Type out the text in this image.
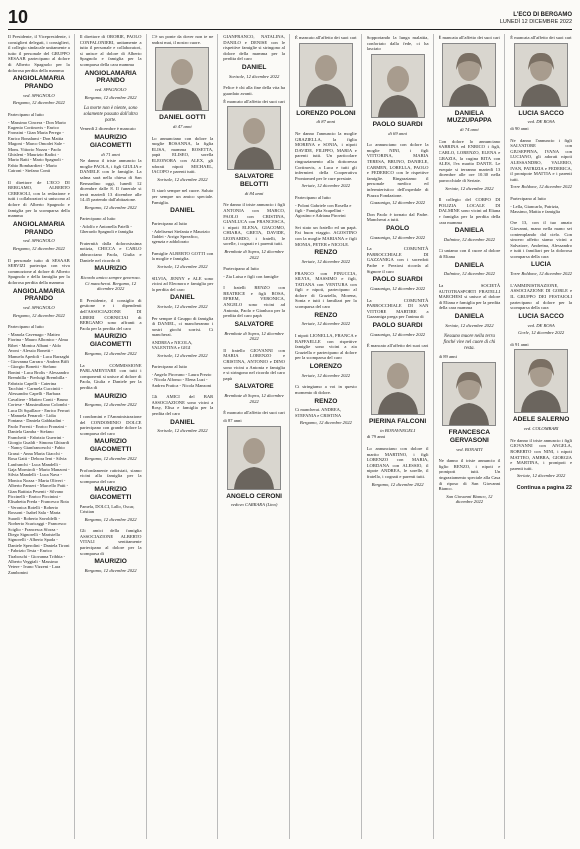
10	L'ECO DI BERGAMO
LUNEDÌ 12 DICEMBRE 2022
Il Presidente, il Vicepresidente, i consiglieri delegati, i consiglieri, il collegio sindacale unitamente a tutto il personale del GRUPPO SESAAB partecipano al dolore di Alberto Spagnolo per la dolorosa perdita della mamma
ANGIOLAMARIA PRANDO
ved. SPAGNOLO
Bergamo, 12 dicembre 2022
Partecipano al lutto
- Massimo Cincera - Don Mario Eugenio Cortinovis - Enrico Fronzini - Gian Maria Perego - Enrico Bonalumi - Don Mattia Magoni - Marco Omodei Sale - Mons. Vittorio Nozza - Paolo Ghisleni - Maurizio Radici - Mario Ratti - Mario Spagnoli - Fabio Bombardieri - Mario Caironi - Stefano Conti
Il direttore de L'ECO DI BERGAMO, ALBERTO CERESOLI, con la redazione e tutti i collaboratori si uniscono al dolore di Alberto Spagnolo e famiglia per la scomparsa della mamma
ANGIOLAMARIA PRANDO
ved. SPAGNOLO
Bergamo, 12 dicembre 2022
Il personale tutto di SESAAB SERVIZI partecipa con viva commozione al dolore di Alberto Spagnolo e della famiglia per la dolorosa perdita della mamma
ANGIOLAMARIA PRANDO
ved. SPAGNOLO
Bergamo, 12 dicembre 2022
Partecipano al lutto
- Manola Cavenago - Matteo Fiorina - Mauro Albonico - Alma Ribet - Monica Albani - Aldo Avoni - Alessio Bonetti - Manuela Apedoli - Luca Barzaghi - Giovanna Carrara - Andrea Biffi - Giorgio Bonetti - Stefano Bonini - Luca Brolis - Alessandro Brembilla - Pierluigi Brembilla - Fabrizio Capelli - Caterina Tacchini - Carmela Cucciniti - Alessandro Capelli - Barbara Cavaliere - Matteo Conti - Bruno Cortese - Massimiliano Colombi - Luca Di Squillace - Enrico Ferrari - Manuela Fenaroli - Lidia Fontana - Daniela Gabbiadini - Paolo Foresti - Enrico Fronzini - Daniela Gamba - Stefano Franchetti - Fabrizio Guerrini - Giorgio Gualdi - Simona Ghirardi - Nancy Gianfranceschi - Fabio Grassi - Anna Maria Giacchi - Rosa Gatti - Debora Ieni - Silvia Lanfranchi - Luca Mandelli - Gaja Morniroli - Mario Manzoni - Silvia Mandelli - Luca Nava - Monica Nozza - Marta Oliveri - Alberto Panseri - Marcello Patti - Gian Battista Pesenti - Silvano Piccinelli - Enrico Piccinini - Elisabetta Preda - Francesco Rota - Veronica Rotelli - Roberto Rossoni - Isabel Sala - Marta Suardi - Roberto Savoldelli - Norberto Scaricaggi - Francesco Sciglio - Francesca Sforza - Diego Signorelli - Maristella Signorelli - Alberto Spada - Daniele Sperolini - Daniela Tironi - Fabrizio Testa - Enrico Tiraboschi - Giovanna Tribbia - Alberto Veggiali - Massimo Vetere - Ivano Vizzeni - Lara Zambonini
Il direttore di OROBIE, PAOLO CONFALONIERI, unitamente a tutto il personale e collaboratori, si unisce al dolore di Alberto Spagnolo e famiglia per la scomparsa della cara mamma
ANGIOLAMARIA PRANDO
ved. SPAGNOLO
Bergamo, 12 dicembre 2022
La morte non è niente, sono solamente passato dall'altra parte.
Venerdì 2 dicembre è mancato
MAURIZIO GIACOMETTI
di 71 anni
Ne danno il triste annuncio la moglie PAOLA, i figli GIULIA e DANIELE con le famiglie. La salma sarà nella chiesa di San Bernardino oggi, lunedì 12 dicembre dalle 8. Il funerale si terrà martedì 13 dicembre alle 14.45 partendo dall'abitazione.
Bergamo, 12 dicembre 2022
Partecipano al lutto
- Adolfo e Antonella Patelli - Gherardo Spagnoli e famiglia
Fraternità dalla dolorosissima notizia, CHICCA e CARLO abbracciano Paola, Giulia e Daniele nel ricordo di
MAURIZIO
Ricordo amico sempre generoso. Ci mancherai. Bergamo, 12 dicembre 2022
Il Presidente, il consiglio di gestione e i dipendenti dell'ASSOCIAZIONE DI LIBERI CORNICIAI di BERGAMO sono affranti a Paola per la perdita del caro
MAURIZIO GIACOMETTI
Bergamo, 12 dicembre 2022
La COMMISSIONE PARLAMENTARE con tutti i componenti si unisce al dolore di Paola, Giulia e Daniele per la perdita di
MAURIZIO
Bergamo, 12 dicembre 2022
I condomini e l'Amministrazione del CONDOMINIO DOLCE partecipano con grande dolore la scomparsa del caro
MAURIZIO GIACOMETTI
Bergamo, 12 dicembre 2022
Profondamente rattristati, siamo vicini alla famiglia per la scomparsa del caro
MAURIZIO GIACOMETTI
Pamela, DOLCI, Lallo, Oscar, Cristian
Bergamo, 12 dicembre 2022
Gli amici della famiglia ASSOCIAZIONE ALBERTO VITALI sentitamente partecipano al dolore per la scomparsa di
MAURIZIO
Bergamo, 12 dicembre 2022
C'è un ponte da dover non te ne andrai mai, il nostro cuore.
DANIEL GOTTI
di 47 anni
Lo annunciano con dolore la moglie ROSANNA, la figlia ELISA, mamma ROSETTA, papà ELISEO, sorella ELEONORA con ALEX, gli adorati nipoti MICHAEL, JACOPO e parenti tutti.
Sorisole, 12 dicembre 2022
Ti starò sempre nel cuore. Saluto per sempre un amico speciale. Famiglia.
DANIEL
Partecipano al lutto
- Adelisenzi Stefania e Maurizio Taddei - Arrigo Spreafico, agenzia e addolorato
Famiglie ALBERTO GOTTI con la moglie e famiglia.
Sorisole, 12 dicembre 2022
SILVIA, JENNY e ALE sono vicini ad Eleonora e famiglia per la perdita del caro
DANIEL
Sorisole, 12 dicembre 2022
Per sempre il Gruppo di famiglia di DANIEL, ci mancheranno i nostri giochi sorrisi. Ci mancherai.
ANDREA e NICOLA, VALENTINA e GIGI
Sorisole, 12 dicembre 2022
Partecipano al lutto
- Angelo Pirovano - Laura Prezio - Nicola Alfonso - Elena Luzi - Andrea Pratica - Nicola Manzoni
Gli AMICI del BAR ASSOCIAZIONE sono vicini a Rosy, Elisa e famiglia per la perdita del caro
DANIEL
Sorisole, 12 dicembre 2022
GIANFRANCO, NATALINA, DANILO e DENISE con le rispettive famiglie si stringono al dolore della mamma per la perdita del caro
DANIEL
Sorisole, 12 dicembre 2022
Felice è chi alla fine della vita ha guardato avanti.
È mancato all'affetto dei suoi cari
SALVATORE BELOTTI
di 84 anni
Ne danno il triste annuncio i figli ANTONIA con MARCO, PAOLO con CRISTINA, GIANLUCA con FRANCESCA, i nipoti ELENA, GIACOMO, CHIARA, GRETA, DAVIDE, LEONARDO, i fratelli, le sorelle, i cognati e i parenti tutti.
Brembate di Sopra, 12 dicembre 2022
Partecipano al lutto
- Zia Luisa e figli con famiglie
I fratelli RENZO con BEATRICE e figli ROSA, EFREM, VERONICA, ANGELO sono vicini ad Antonia, Paolo e Gianluca per la perdita del caro papà
SALVATORE
Brembate di Sopra, 12 dicembre 2022
Il fratello GIOVANNI con MARIA LORENZO e CRISTINA, ANTONIO e DINO sono vicini a Antonia e famiglia e si stringono nel ricordo del caro papà
SALVATORE
Brembate di Sopra, 12 dicembre 2022
È mancato all'affetto dei suoi cari
di 87 anni
ANGELO CERONI
vedovo CARRARA (Lino)
È mancato all'affetto dei suoi cari
LORENZO POLONI
di 87 anni
Ne danno l'annuncio la moglie GRAZIELLA, la figlia MORENA e SONIA, i nipoti DAVIDE, FILIPPO, MARIA e parenti tutti. Un particolare ringraziamento alla dottoressa Cortinovis, a Luca e tutti gli infermieri della Cooperativa Prontomed per le cure prestate.
Seriate, 12 dicembre 2022
Partecipano al lutto
- Poloni Gabriele con Rosella e figli - Famiglia Scapellini - Agostino e Adriana Pirovini
Sei stato un fratello ed un papà. Fai buon viaggio. AGOSTINO con la moglie MARIANA e figli MONIA, PETER e NICOLE.
RENZO
Seriate, 12 dicembre 2022
FRANCO con PINUCCIA, SILVIA, MASSIMO e figli, TATIANA con VENTURA con figli e nipoti, partecipano al dolore di Graziella, Morena, Sonia e tutti i familiari per la scomparsa del caro
RENZO
Seriate, 12 dicembre 2022
I nipoti LIONELLA, FRANCA e RAFFAELLE con rispettive famiglie sono vicini a zia Graziella e partecipano al dolore per la scomparsa del caro
LORENZO
Seriate, 12 dicembre 2022
Ci stringiamo a voi in questo momento di dolore.
RENZO
Ci mancherai. ANDREA, STEFANIA e CRISTINA
Bergamo, 12 dicembre 2022
Sopportando la lunga malattia, confortato dalla fede, ci ha lasciato
PAOLO SUARDI
di 69 anni
Lo annunciano con dolore la moglie NINI, i figli VITTORINA, MARIA TERESA, BRUNO, DANIELE, CARMEN, LORELLA, PAOLO e FEDERICO con le rispettive famiglie. Ringraziamo il personale medico ed infermieristico dell'ospedale di Piazza Fondazione.
Gazzaniga, 12 dicembre 2022
Don Paolo è tornato dal Padre. Mancherai a tutti.
PAOLO
Gazzaniga, 12 dicembre 2022
La COMUNITÀ PARROCCHIALE DI GAZZANIGA con i sacerdoti Padre e Preziosi ricorda al Signore il caro
PAOLO SUARDI
Gazzaniga, 12 dicembre 2022
La COMUNITÀ PARROCCHIALE DI SAN VITTORE MARTIRE a Gazzaniga prega per l'anima di
PAOLO SUARDI
Gazzaniga, 12 dicembre 2022
È mancato all'affetto dei suoi cari
PIERINA FALCONI
in BONAVANGELI
di 79 anni
Lo annunciano con dolore il marito MARTINO, i figli LORENZO con MARIA, LORDANA con ALESSIO, il nipote ANDREA, le sorelle, il fratello, i cognati e parenti tutti.
Bergamo, 12 dicembre 2022
È mancata all'affetto dei suoi cari
DANIELA MUZZUPAPPA
di 74 anni
Con dolore lo annunciano SABRINA ed ENRICO i figli, CARLO, LORENZO, ELENA e GRAZIA, la cugina RITA con ALES, l'ex marito DANTE. Le esequie si terranno martedì 13 dicembre alle ore 10.30 nella parrocchiale di Seriate.
Seriate, 12 dicembre 2022
Il collegio del CORPO DI POLIZIA LOCALE DI DALMINE sono vicini ad Eliana e famiglia per la perdita della cara mamma
DANIELA
Dalmine, 12 dicembre 2022
Ci uniamo con il cuore al dolore di Eliana
DANIELA
Dalmine, 12 dicembre 2022
La SOCIETÀ AUTOTRASPORTI FRATELLI MARCHESI si unisce al dolore di Eliana e famiglia per la perdita della cara mamma
DANIELA
Seriate, 12 dicembre 2022
Nessuno muore nella terra finché vive nel cuore di chi resta.
di 89 anni
FRANCESCA GERVASONI
ved. BONAITI
Ne danno il triste annuncio il figlio RENZO, i nipoti e pronipoti tutti. Un ringraziamento speciale alla Casa di riposo di San Giovanni Bianco.
San Giovanni Bianco, 12 dicembre 2022
È mancata all'affetto dei suoi cari
LUCIA SACCO
ved. DE ROSA
di 90 anni
Ne danno l'annuncio i figli SALVATORE con GIUSEPPINA, IVANA con LUCIANO, gli adorati nipoti ALESSANDRO, VALERIO, IVAN, PATRIZIA e FEDERICA, il pronipote MATTIA e i parenti tutti.
Torre Boldone, 12 dicembre 2022
Partecipano al lutto
- Lella, Giancarlo, Patrizia, Massimo, Mattia e famiglia
Ore 13, con il tuo amato Giovanni, mano nella mano sei contemplando dal cielo. Con sincero affetto siamo vicini a Salvatore, Andreina, Alessandro e tutti i familiari per la dolorosa scomparsa della cara
LUCIA
Torre Boldone, 12 dicembre 2022
L'AMMINISTRAZIONE, ASSOCIAZIONE DI GORLE e IL GRUPPO DEI FESTAIOLI partecipano al dolore per la scomparsa della cara
LUCIA SACCO
ved. DE ROSA
Gorle, 12 dicembre 2022
di 91 anni
ADELE SALERNO
ved. COLOMBARI
Ne danno il triste annuncio i figli GIOVANNI con ANGELA, ROBERTO con NINI, i nipoti MATTEO, AMBRA, GIORGIA e MARTINA, i pronipoti e parenti tutti.
Seriate, 12 dicembre 2022
Continua a pagina 22
